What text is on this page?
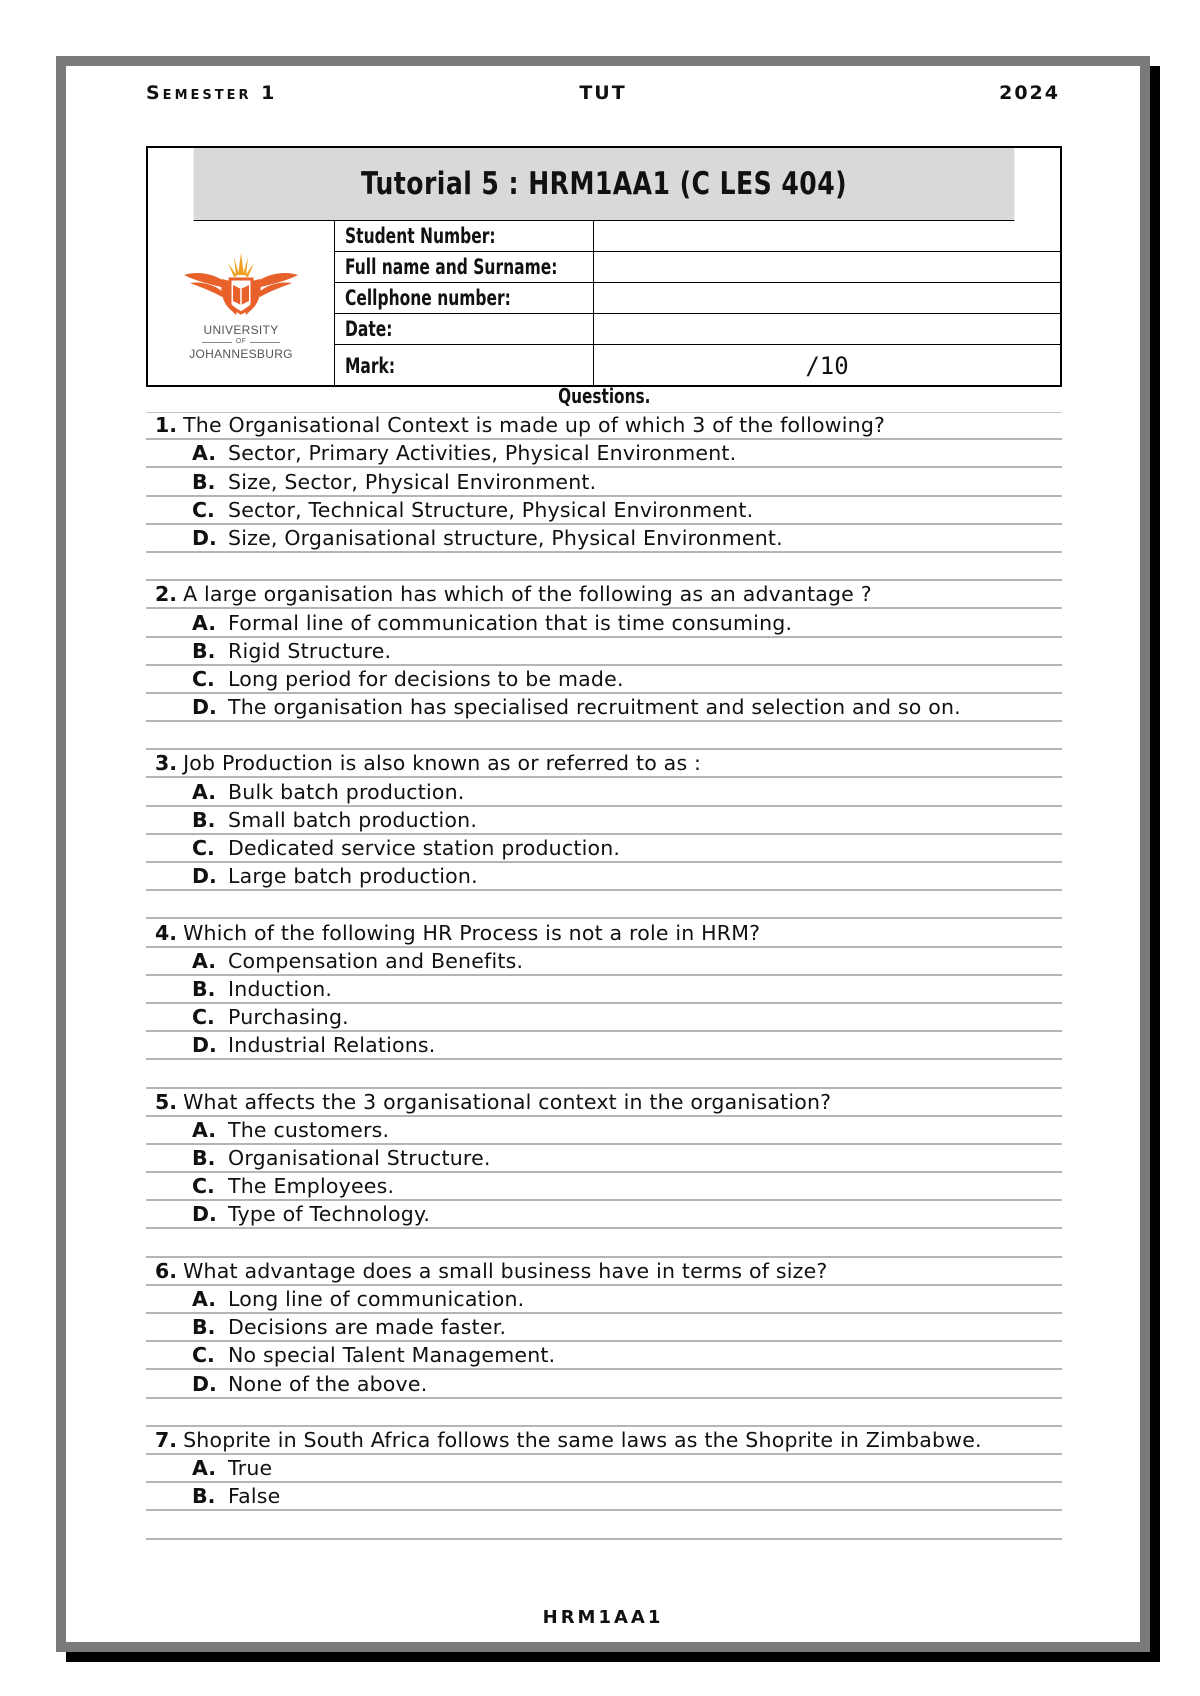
Semester 1	TUT	2024
Tutorial 5 : HRM1AA1 (C LES 404)
UNIVERSITY
OF
JOHANNESBURG
Student Number:
Full name and Surname:
Cellphone number:
Date:
Mark:	/10
Questions.
1. The Organisational Context is made up of which 3 of the following?
A. Sector, Primary Activities, Physical Environment.
B. Size, Sector, Physical Environment.
C. Sector, Technical Structure, Physical Environment.
D. Size, Organisational structure, Physical Environment.
2. A large organisation has which of the following as an advantage ?
A. Formal line of communication that is time consuming.
B. Rigid Structure.
C. Long period for decisions to be made.
D. The organisation has specialised recruitment and selection and so on.
3. Job Production is also known as or referred to as :
A. Bulk batch production.
B. Small batch production.
C. Dedicated service station production.
D. Large batch production.
4. Which of the following HR Process is not a role in HRM?
A. Compensation and Benefits.
B. Induction.
C. Purchasing.
D. Industrial Relations.
5. What affects the 3 organisational context in the organisation?
A. The customers.
B. Organisational Structure.
C. The Employees.
D. Type of Technology.
6. What advantage does a small business have in terms of size?
A. Long line of communication.
B. Decisions are made faster.
C. No special Talent Management.
D. None of the above.
7. Shoprite in South Africa follows the same laws as the Shoprite in Zimbabwe.
A. True
B. False
HRM1AA1
